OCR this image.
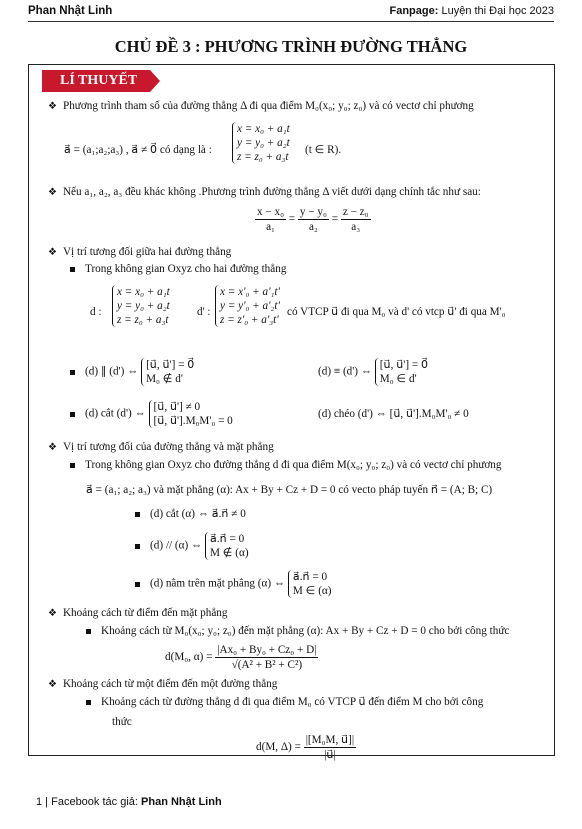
Phan Nhật Linh	Fanpage: Luyện thi Đại học 2023
CHỦ ĐỀ 3 : PHƯƠNG TRÌNH ĐƯỜNG THẲNG
LÍ THUYẾT
❖ Phương trình tham số của đường thẳng Δ đi qua điểm M₀(x₀; y₀; z₀) và có vectơ chỉ phương
a⃗ = (a₁;a₂;a₃) , a⃗ ≠ 0⃗ có dạng là :
x = x₀ + a₁t
y = y₀ + a₂t
z = z₀ + a₃t
(t ∈ R).
❖ Nếu a₁, a₂, a₃ đều khác không .Phương trình đường thẳng Δ viết dưới dạng chính tắc như sau:
$\frac{\text{x − x₀}}{\text{a₁}} = \frac{\text{y − y₀}}{\text{a₂}} = \frac{\text{z − z₀}}{\text{a₃}}$
❖ Vị trí tương đối giữa hai đường thẳng
Trong không gian Oxyz cho hai đường thẳng
d :
x = x₀ + a₁t
y = y₀ + a₂t
z = z₀ + a₃t
d' :
x = x'₀ + a'₁t'
y = y'₀ + a'₂t'
z = z'₀ + a'₃t'
có VTCP u⃗ đi qua M₀ và d' có vtcp u⃗' đi qua M'₀
(d) ∥ (d') ⇔ [u⃗, u⃗'] = 0⃗
M₀ ∉ d'
(d) ≡ (d') ⇔ [u⃗, u⃗'] = 0⃗
M₀ ∈ d'
(d) cắt (d') ⇔ [u⃗, u⃗'] ≠ 0
[u⃗, u⃗'].M₀M'₀ = 0
(d) chéo (d') ⇔ [u⃗, u⃗'].M₀M'₀ ≠ 0
❖ Vị trí tương đối của đường thẳng và mặt phẳng
Trong không gian Oxyz cho đường thẳng d đi qua điểm M(x₀; y₀; z₀) và có vectơ chỉ phương
a⃗ = (a₁; a₂; a₃) và mặt phẳng (α): Ax + By + Cz + D = 0 có vecto pháp tuyến n⃗ = (A; B; C)
(d) cắt (α) ⇔ a⃗.n⃗ ≠ 0
(d) // (α) ⇔ a⃗.n⃗ = 0
M ∉ (α)
(d) nằm trên mặt phẳng (α) ⇔ a⃗.n⃗ = 0
M ∈ (α)
❖ Khoảng cách từ điểm đến mặt phẳng
Khoảng cách từ M₀(x₀; y₀; z₀) đến mặt phẳng (α): Ax + By + Cz + D = 0 cho bởi công thức
d(M₀, $\alpha) = \frac{\text{|Ax₀ + By₀ + Cz₀ + D|}}{\text{√(A² + B² + C²)}}$
❖ Khoảng cách từ một điểm đến một đường thẳng
Khoảng cách từ đường thẳng d đi qua điểm M₀ có VTCP u⃗ đến điểm M cho bởi công
thức
d(M, $\Delta) = \frac{\text{|[M₀M, u⃗]|}}{|u⃗|}$
1 | Facebook tác giả: Phan Nhật Linh
